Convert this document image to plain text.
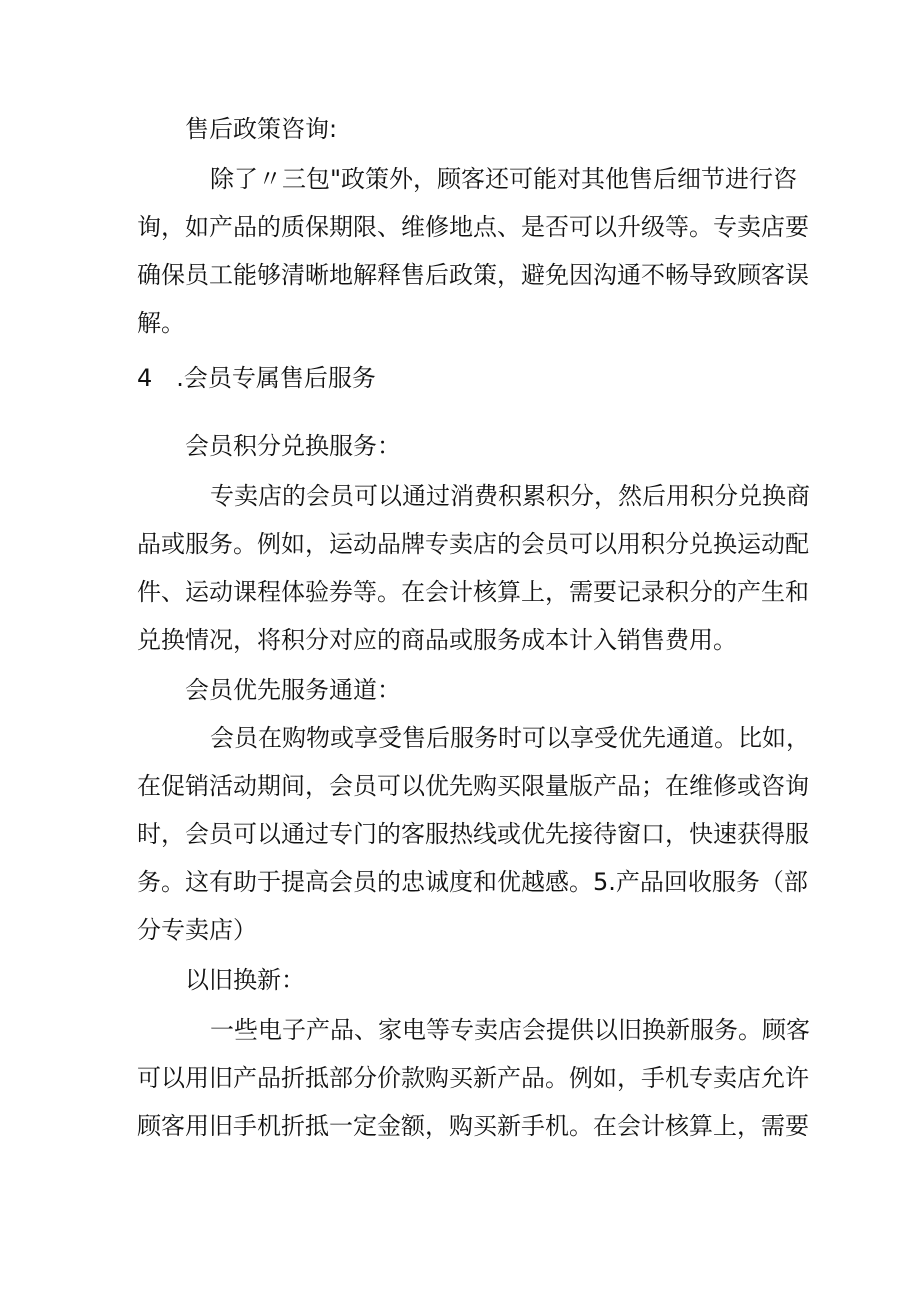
售后政策咨询:
除了〃三包"政策外，顾客还可能对其他售后细节进行咨
询，如产品的质保期限、维修地点、是否可以升级等。专卖店要
确保员工能够清晰地解释售后政策，避免因沟通不畅导致顾客误
解。
4　.会员专属售后服务
会员积分兑换服务：
专卖店的会员可以通过消费积累积分，然后用积分兑换商
品或服务。例如，运动品牌专卖店的会员可以用积分兑换运动配
件、运动课程体验券等。在会计核算上，需要记录积分的产生和
兑换情况，将积分对应的商品或服务成本计入销售费用。
会员优先服务通道：
会员在购物或享受售后服务时可以享受优先通道。比如，
在促销活动期间，会员可以优先购买限量版产品；在维修或咨询
时，会员可以通过专门的客服热线或优先接待窗口，快速获得服
务。这有助于提高会员的忠诚度和优越感。5.产品回收服务（部
分专卖店）
以旧换新：
一些电子产品、家电等专卖店会提供以旧换新服务。顾客
可以用旧产品折抵部分价款购买新产品。例如，手机专卖店允许
顾客用旧手机折抵一定金额，购买新手机。在会计核算上，需要
